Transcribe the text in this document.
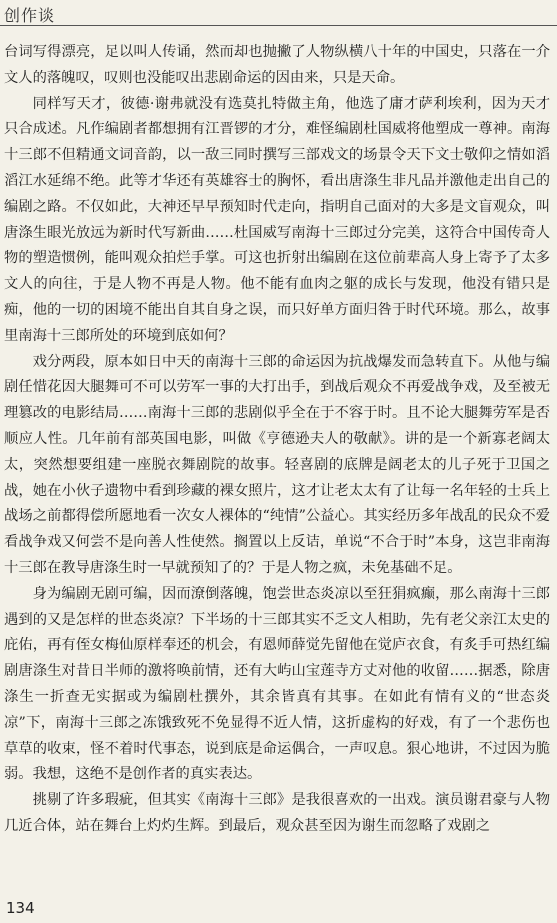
创作谈

台词写得漂亮，足以叫人传诵，然而却也抛撇了人物纵横八十年的中国史，只落在一介文人的落魄叹，叹则也没能叹出悲剧命运的因由来，只是天命。

同样写天才，彼德·谢弗就没有选莫扎特做主角，他选了庸才萨利埃利，因为天才只合成述。凡作编剧者都想拥有江晋锣的才分，难怪编剧杜国威将他塑成一尊神。南海十三郎不但精通文词音韵，以一敌三同时撰写三部戏文的场景令天下文士敬仰之情如滔滔江水延绵不绝。此等才华还有英雄容士的胸怀，看出唐涤生非凡品并激他走出自己的编剧之路。不仅如此，大神还早早预知时代走向，指明自己面对的大多是文盲观众，叫唐涤生眼光放远为新时代写新曲……杜国威写南海十三郎过分完美，这符合中国传奇人物的塑造惯例，能叫观众拍烂手掌。可这也折射出编剧在这位前辈高人身上寄予了太多文人的向往，于是人物不再是人物。他不能有血肉之躯的成长与发现，他没有错只是痴，他的一切的困境不能出自其自身之误，而只好单方面归咎于时代环境。那么，故事里南海十三郎所处的环境到底如何？

戏分两段，原本如日中天的南海十三郎的命运因为抗战爆发而急转直下。从他与编剧任惜花因大腿舞可不可以劳军一事的大打出手，到战后观众不再爱战争戏，及至被无理篡改的电影结局……南海十三郎的悲剧似乎全在于不容于时。且不论大腿舞劳军是否顺应人性。几年前有部英国电影，叫做《亨德逊夫人的敬献》。讲的是一个新寡老阔太太，突然想要组建一座脱衣舞剧院的故事。轻喜剧的底牌是阔老太的儿子死于卫国之战，她在小伙子遗物中看到珍藏的裸女照片，这才让老太太有了让每一名年轻的士兵上战场之前都得偿所愿地看一次女人裸体的“纯情”公益心。其实经历多年战乱的民众不爱看战争戏又何尝不是向善人性使然。搁置以上反诘，单说“不合于时”本身，这岂非南海十三郎在教导唐涤生时一早就预知了的？于是人物之疯，未免基础不足。

身为编剧无剧可编，因而潦倒落魄，饱尝世态炎凉以至狂狷疯癫，那么南海十三郎遇到的又是怎样的世态炎凉？下半场的十三郎其实不乏文人相助，先有老父亲江太史的庇佑，再有侄女梅仙原样奉还的机会，有恩师薛觉先留他在觉庐衣食，有炙手可热红编剧唐涤生对昔日半师的激将唤前情，还有大屿山宝莲寺方丈对他的收留……据悉，除唐涤生一折查无实据或为编剧杜撰外，其余皆真有其事。在如此有情有义的“世态炎凉”下，南海十三郎之冻饿致死不免显得不近人情，这折虚构的好戏，有了一个悲伤也草草的收束，怪不着时代事态，说到底是命运偶合，一声叹息。狠心地讲，不过因为脆弱。我想，这绝不是创作者的真实表达。

挑剔了许多瑕疵，但其实《南海十三郎》是我很喜欢的一出戏。演员谢君豪与人物几近合体，站在舞台上灼灼生辉。到最后，观众甚至因为谢生而忽略了戏剧之

134
